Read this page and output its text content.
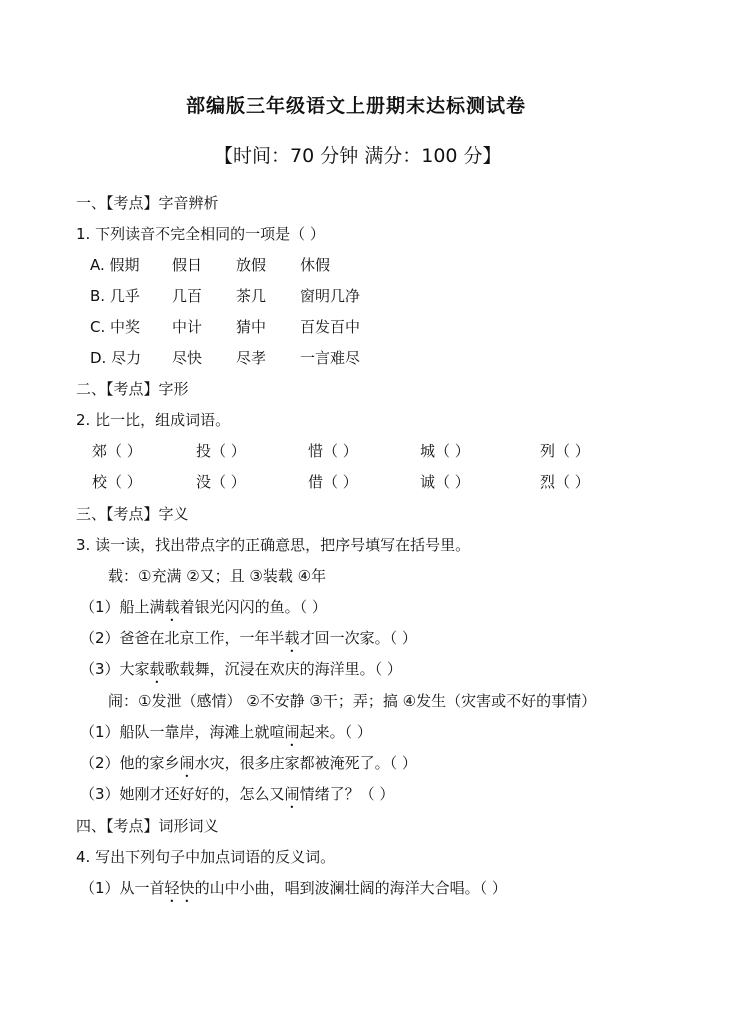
部编版三年级语文上册期末达标测试卷
【时间：70 分钟 满分：100 分】
一、【考点】字音辨析
1. 下列读音不完全相同的一项是（ ）
A. 假期 假日 放假 休假
B. 几乎 几百 茶几 窗明几净
C. 中奖 中计 猜中 百发百中
D. 尽力 尽快 尽孝 一言难尽
二、【考点】字形
2. 比一比，组成词语。
郊（ ）	投（ ）	惜（ ）	城（ ）	列（ ）
校（ ）	没（ ）	借（ ）	诚（ ）	烈（ ）
三、【考点】字义
3. 读一读，找出带点字的正确意思，把序号填写在括号里。
载：①充满 ②又；且 ③装载 ④年
（1）船上满载着银光闪闪的鱼。（ ）
（2）爸爸在北京工作，一年半载才回一次家。（ ）
（3）大家载歌载舞，沉浸在欢庆的海洋里。（ ）
闹：①发泄（感情） ②不安静 ③干；弄；搞 ④发生（灾害或不好的事情）
（1）船队一靠岸，海滩上就喧闹起来。（ ）
（2）他的家乡闹水灾，很多庄家都被淹死了。（ ）
（3）她刚才还好好的，怎么又闹情绪了？（ ）
四、【考点】词形词义
4. 写出下列句子中加点词语的反义词。
（1）从一首轻快的山中小曲，唱到波澜壮阔的海洋大合唱。（ ）
